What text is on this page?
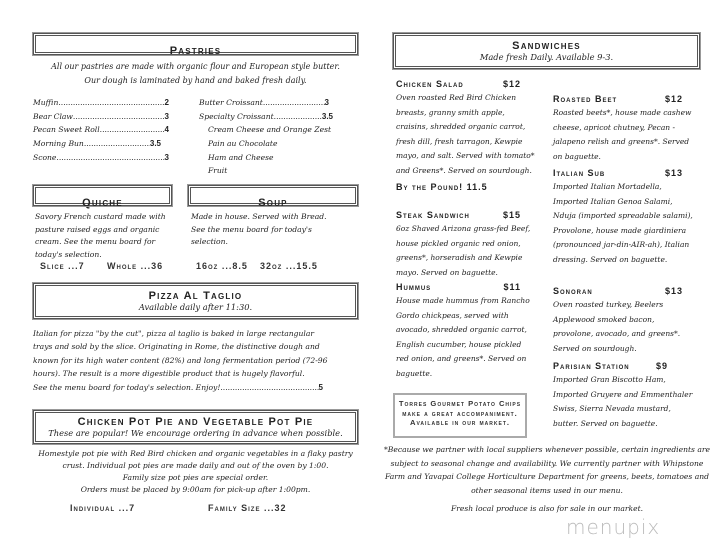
Pastries
All our pastries are made with organic flour and European style butter.
Our dough is laminated by hand and baked fresh daily.
Muffin .....	2
Bear Claw .....	3
Pecan Sweet Roll .....	4
Morning Bun .....	3.5
Scone .....	3
Butter Croissant .....	3
Specialty Croissant .....	3.5
Cream Cheese and Orange Zest
Pain au Chocolate
Ham and Cheese
Fruit
Quiche
Savory French custard made with pasture raised eggs and organic cream. See the menu board for today's selection.
Slice ...7 Whole ...36
Soup
Made in house. Served with Bread. See the menu board for today's selection.
16oz ...8.5 32oz ...15.5
Pizza Al Taglio
Available daily after 11:30.
Italian for pizza "by the cut", pizza al taglio is baked in large rectangular trays and sold by the slice. Originating in Rome, the distinctive dough and known for its high water content (82%) and long fermentation period (72-96 hours). The result is a more digestible product that is hugely flavorful.
See the menu board for today's selection. Enjoy! .....	5
Chicken Pot Pie and Vegetable Pot Pie
These are popular! We encourage ordering in advance when possible.
Homestyle pot pie with Red Bird chicken and organic vegetables in a flaky pastry crust. Individual pot pies are made daily and out of the oven by 1:00.
Family size pot pies are special order.
Orders must be placed by 9:00am for pick-up after 1:00pm.
Individual ...7	Family Size ...32
Sandwiches
Made fresh Daily. Available 9-3.
Chicken Salad	$12
Oven roasted Red Bird Chicken breasts, granny smith apple, craisins, shredded organic carrot, fresh dill, fresh tarragon, Kewpie mayo, and salt. Served with tomato* and Greens*. Served on sourdough.
By the Pound! 11.5
Steak Sandwich	$15
6oz Shaved Arizona grass-fed Beef, house pickled organic red onion, greens*, horseradish and Kewpie mayo. Served on baguette.
Hummus	$11
House made hummus from Rancho Gordo chickpeas, served with avocado, shredded organic carrot, English cucumber, house pickled red onion, and greens*. Served on baguette.
Roasted Beet	$12
Roasted beets*, house made cashew cheese, apricot chutney, Pecan - jalapeno relish and greens*. Served on baguette.
Italian Sub	$13
Imported Italian Mortadella, Imported Italian Genoa Salami, Nduja (imported spreadable salami), Provolone, house made giardiniera (pronounced jar-din-AIR-ah), Italian dressing. Served on baguette.
Sonoran	$13
Oven roasted turkey, Beelers Applewood smoked bacon, provolone, avocado, and greens*. Served on sourdough.
Parisian Station	$9
Imported Gran Biscotto Ham, Imported Gruyere and Emmenthaler Swiss, Sierra Nevada mustard, butter. Served on baguette.
Torres Gourmet Potato Chips make a great accompaniment. Available in our market.
*Because we partner with local suppliers whenever possible, certain ingredients are subject to seasonal change and availability. We currently partner with Whipstone Farm and Yavapai College Horticulture Department for greens, beets, tomatoes and other seasonal items used in our menu.
Fresh local produce is also for sale in our market.
menupix
